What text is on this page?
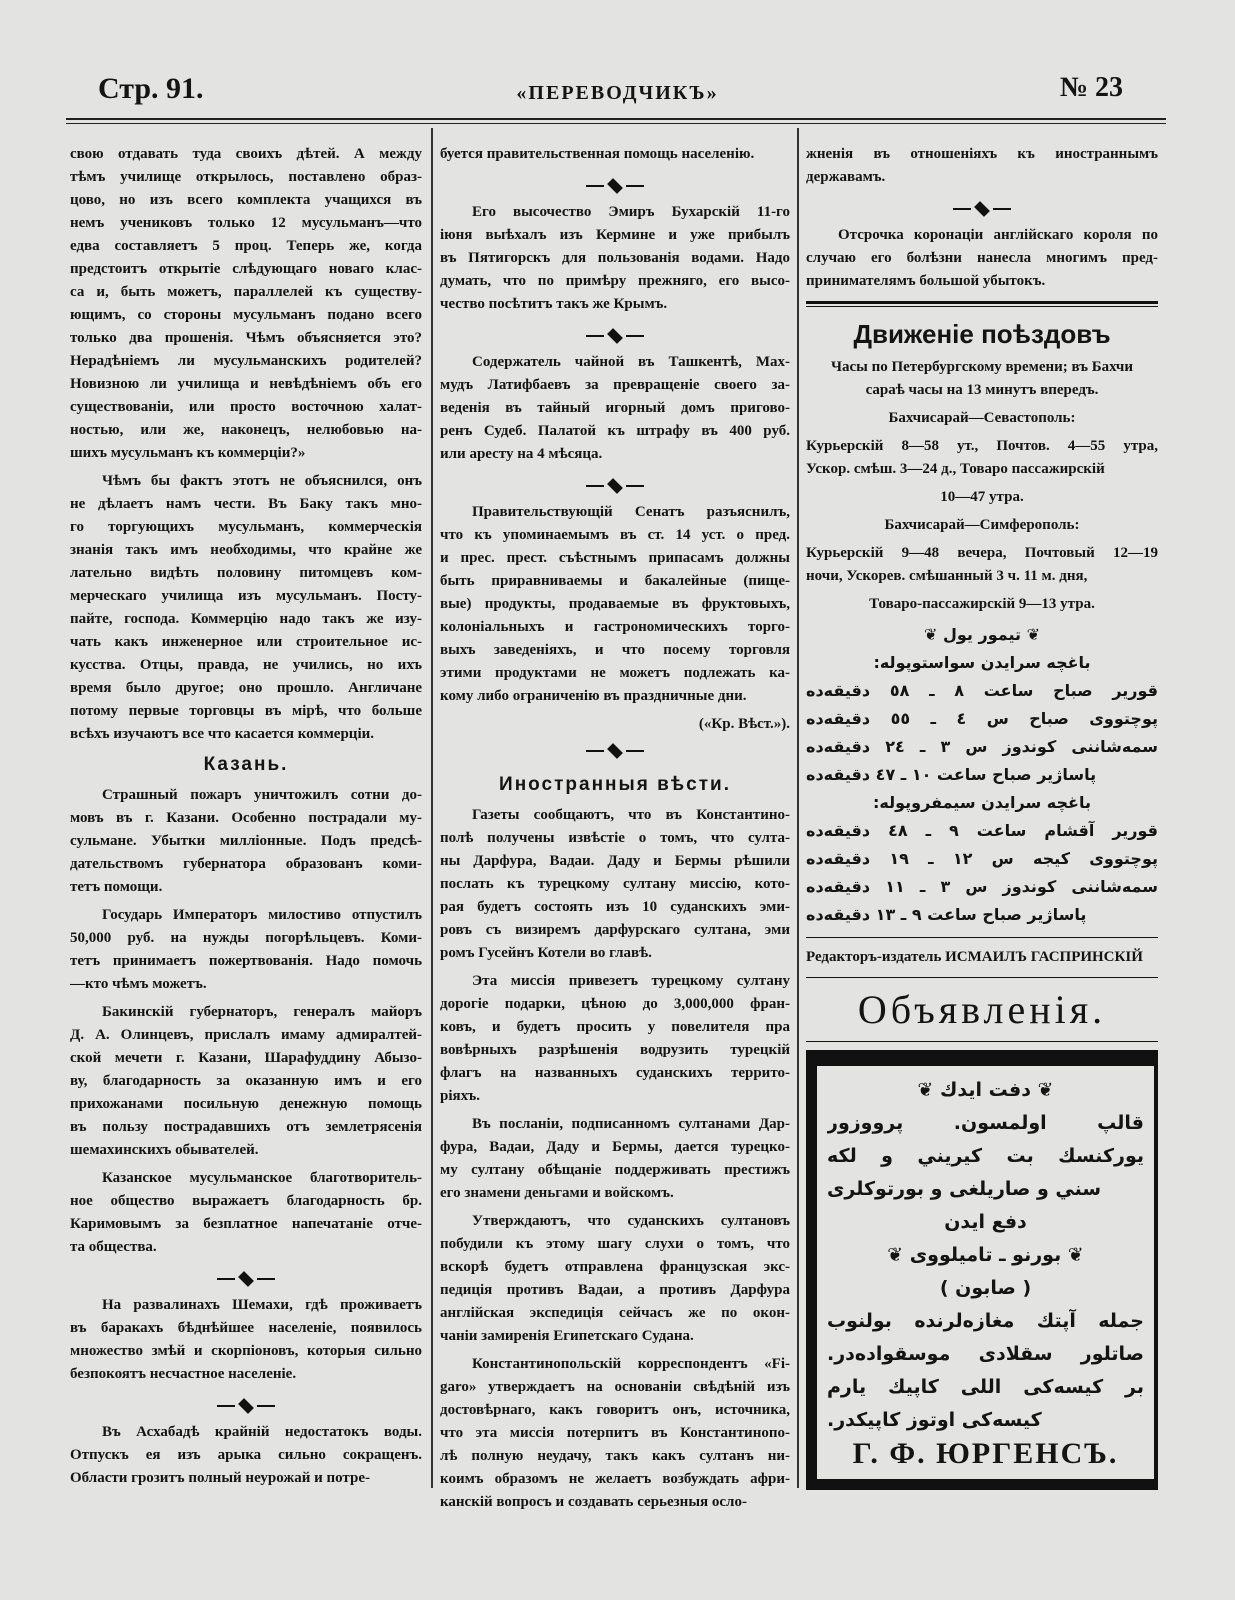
Стр. 91.	«ПЕРЕВОДЧИКЪ»	№ 23
свою отдавать туда своихъ дѣтей. А между
тѣмъ училище открылось, поставлено образ-
цово, но изъ всего комплекта учащихся въ
немъ учениковъ только 12 мусульманъ—что
едва составляетъ 5 проц. Теперь же, когда
предстоитъ открытіе слѣдующаго новаго клас-
са и, быть можетъ, параллелей къ существу-
ющимъ, со стороны мусульманъ подано всего
только два прошенія. Чѣмъ объясняется это?
Нерадѣніемъ ли мусульманскихъ родителей?
Новизною ли училища и невѣдѣніемъ объ его
существованіи, или просто восточною халат-
ностью, или же, наконецъ, нелюбовью на-
шихъ мусульманъ къ коммерціи?»
Чѣмъ бы фактъ этотъ не объяснился, онъ
не дѣлаетъ намъ чести. Въ Баку такъ мно-
го торгующихъ мусульманъ, коммерческія
знанія такъ имъ необходимы, что крайне же
лательно видѣть половину питомцевъ ком-
мерческаго училища изъ мусульманъ. Посту-
пайте, господа. Коммерцію надо такъ же изу-
чать какъ инженерное или строительное ис-
кусства. Отцы, правда, не учились, но ихъ
время было другое; оно прошло. Англичане
потому первые торговцы въ мірѣ, что больше
всѣхъ изучаютъ все что касается коммерціи.
Казань.
Страшный пожаръ уничтожилъ сотни до-
мовъ въ г. Казани. Особенно пострадали му-
сульмане. Убытки милліонные. Подъ предсѣ-
дательствомъ губернатора образованъ коми-
тетъ помощи.
Государь Императоръ милостиво отпустилъ
50,000 руб. на нужды погорѣльцевъ. Коми-
тетъ принимаетъ пожертвованія. Надо помочь
—кто чѣмъ можетъ.
Бакинскій губернаторъ, генералъ майоръ
Д. А. Олинцевъ, прислалъ имаму адмиралтей-
ской мечети г. Казани, Шарафуддину Абызо-
ву, благодарность за оказанную имъ и его
прихожанами посильную денежную помощь
въ пользу пострадавшихъ отъ землетрясенія
шемахинскихъ обывателей.
Казанское мусульманское благотворитель-
ное общество выражаетъ благодарность бр.
Каримовымъ за безплатное напечатаніе отче-
та общества.
На развалинахъ Шемахи, гдѣ проживаетъ
въ баракахъ бѣднѣйшее населеніе, появилось
множество змѣй и скорпіоновъ, которыя сильно
безпокоятъ несчастное населеніе.
Въ Асхабадѣ крайній недостатокъ воды.
Отпускъ ея изъ арыка сильно сокращенъ.
Области грозитъ полный неурожай и потре-
буется правительственная помощь населенію.
Его высочество Эмиръ Бухарскій 11-го
іюня выѣхалъ изъ Кермине и уже прибылъ
въ Пятигорскъ для пользованія водами. Надо
думать, что по примѣру прежняго, его высо-
чество посѣтитъ такъ же Крымъ.
Содержатель чайной въ Ташкентѣ, Мах-
мудъ Латифбаевъ за превращеніе своего за-
веденія въ тайный игорный домъ пригово-
ренъ Судеб. Палатой къ штрафу въ 400 руб.
или аресту на 4 мѣсяца.
Правительствующій Сенатъ разъяснилъ,
что къ упоминаемымъ въ ст. 14 уст. о пред.
и прес. прест. съѣстнымъ припасамъ должны
быть приравниваемы и бакалейные (пище-
вые) продукты, продаваемые въ фруктовыхъ,
колоніальныхъ и гастрономическихъ торго-
выхъ заведеніяхъ, и что посему торговля
этими продуктами не можетъ подлежать ка-
кому либо ограниченію въ праздничные дни.
(«Кр. Вѣст.»).
Иностранныя вѣсти.
Газеты сообщаютъ, что въ Константино-
полѣ получены извѣстіе о томъ, что султа-
ны Дарфура, Вадаи. Даду и Бермы рѣшили
послать къ турецкому султану миссію, кото-
рая будетъ состоять изъ 10 суданскихъ эми-
ровъ съ визиремъ дарфурскаго султана, эми
ромъ Гусейнъ Котели во главѣ.
Эта миссія привезетъ турецкому султану
дорогіе подарки, цѣною до 3,000,000 фран-
ковъ, и будетъ просить у повелителя пра
вовѣрныхъ разрѣшенія водрузить турецкій
флагъ на названныхъ суданскихъ террито-
ріяхъ.
Въ посланіи, подписанномъ султанами Дар-
фура, Вадаи, Даду и Бермы, дается турецко-
му султану обѣщаніе поддерживать престижъ
его знамени деньгами и войскомъ.
Утверждаютъ, что суданскихъ султановъ
побудили къ этому шагу слухи о томъ, что
вскорѣ будетъ отправлена французская экс-
педиція противъ Вадаи, а противъ Дарфура
англійская экспедиція сейчасъ же по окон-
чаніи замиренія Египетскаго Судана.
Константинопольскій корреспондентъ «Fi-
garo» утверждаетъ на основаніи свѣдѣній изъ
достовѣрнаго, какъ говоритъ онъ, источника,
что эта миссія потерпитъ въ Константинопо-
лѣ полную неудачу, такъ какъ султанъ ни-
коимъ образомъ не желаетъ возбуждать афри-
канскій вопросъ и создавать серьезныя осло-
жненія въ отношеніяхъ къ иностраннымъ
державамъ.
Отсрочка коронаціи англійскаго короля по
случаю его болѣзни нанесла многимъ пред-
принимателямъ большой убытокъ.
Движеніе поѣздовъ
Часы по Петербургскому времени; въ Бахчи
сараѣ часы на 13 минутъ впередъ.
Бахчисарай—Севастополь:
Курьерскій 8—58 ут., Почтов. 4—55 утра,
Ускор. смѣш. 3—24 д., Товаро пассажирскій
10—47 утра.
Бахчисарай—Симферополь:
Курьерскій 9—48 вечера, Почтовый 12—19
ночи, Ускорев. смѣшанный 3 ч. 11 м. дня,
Товаро-пассажирскій 9—13 утра.
❦ تيمور يول ❦
باغچه سرايدن سواستوپوله:
قورير صباح ساعت ٨ ـ ٥٨ دقيقه‌ده
پوچتووی صباح س ٤ ـ ٥٥ دقيقه‌ده
سمه‌شاننی کوندوز س ٣ ـ ٢٤ دقيقه‌ده
پاساژير صباح ساعت ١٠ ـ ٤٧ دقيقه‌ده
باغچه سرايدن سيمفروپوله:
قورير آقشام ساعت ٩ ـ ٤٨ دقيقه‌ده
پوچتووی کيجه س ١٢ ـ ١٩ دقيقه‌ده
سمه‌شاننی کوندوز س ٣ ـ ١١ دقيقه‌ده
پاساژير صباح ساعت ٩ ـ ١٣ دقيقه‌ده
Редакторъ-издатель ИСМАИЛЪ ГАСПРИНСКІЙ
Объявленія.
❦ دفت ايدك ❦
قالپ اولمسون. پرووزور
يورکنسك بت کيريني و لکه
سني و صاريلغی و بورتوکلری
دفع ايدن
❦ بورنو ـ تاميلووی ❦
( صابون )
جمله آپتك مغازه‌لرنده بولنوب
صاتلور سقلادی موسقواده‌در.
بر کيسه‌کی اللی کاپيك يارم
کيسه‌کی اوتوز کاپيکدر.
Г. Ф. ЮРГЕНСЪ.
